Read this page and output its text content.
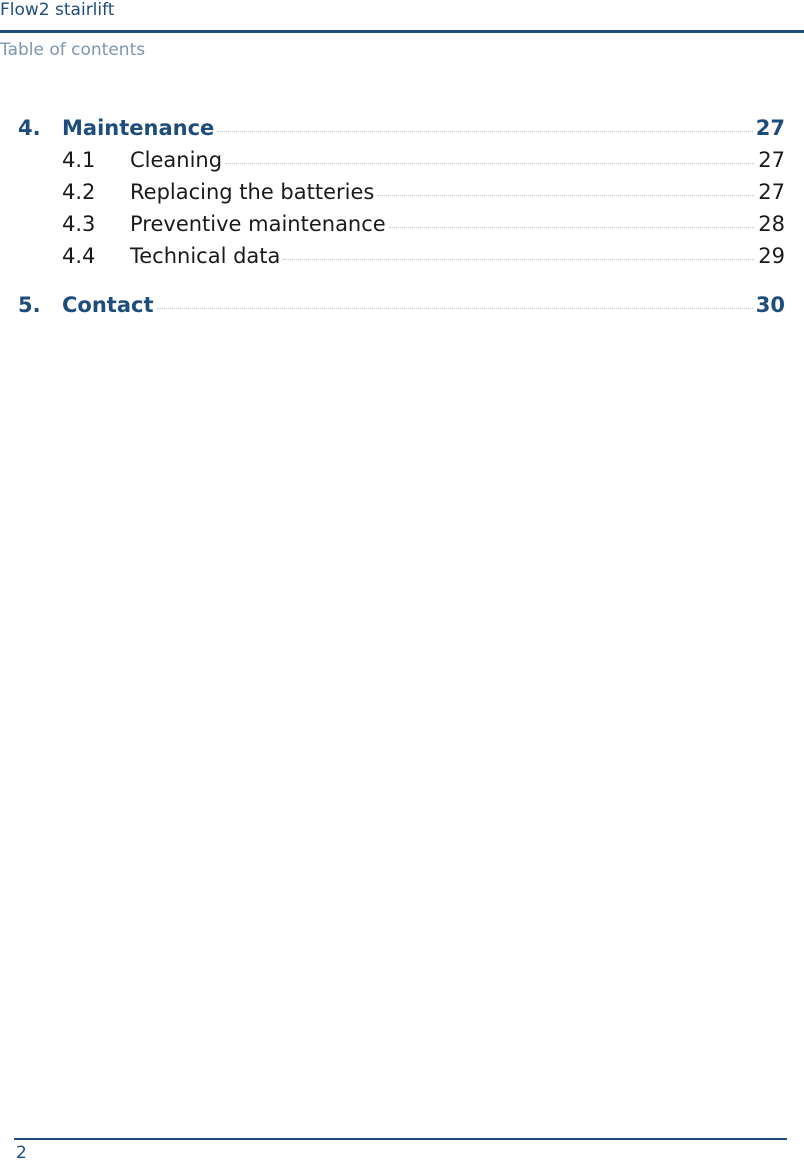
Flow2 stairlift
Table of contents
4.	Maintenance	27
4.1	Cleaning	27
4.2	Replacing the batteries	27
4.3	Preventive maintenance	28
4.4	Technical data	29
5.	Contact	30
2
